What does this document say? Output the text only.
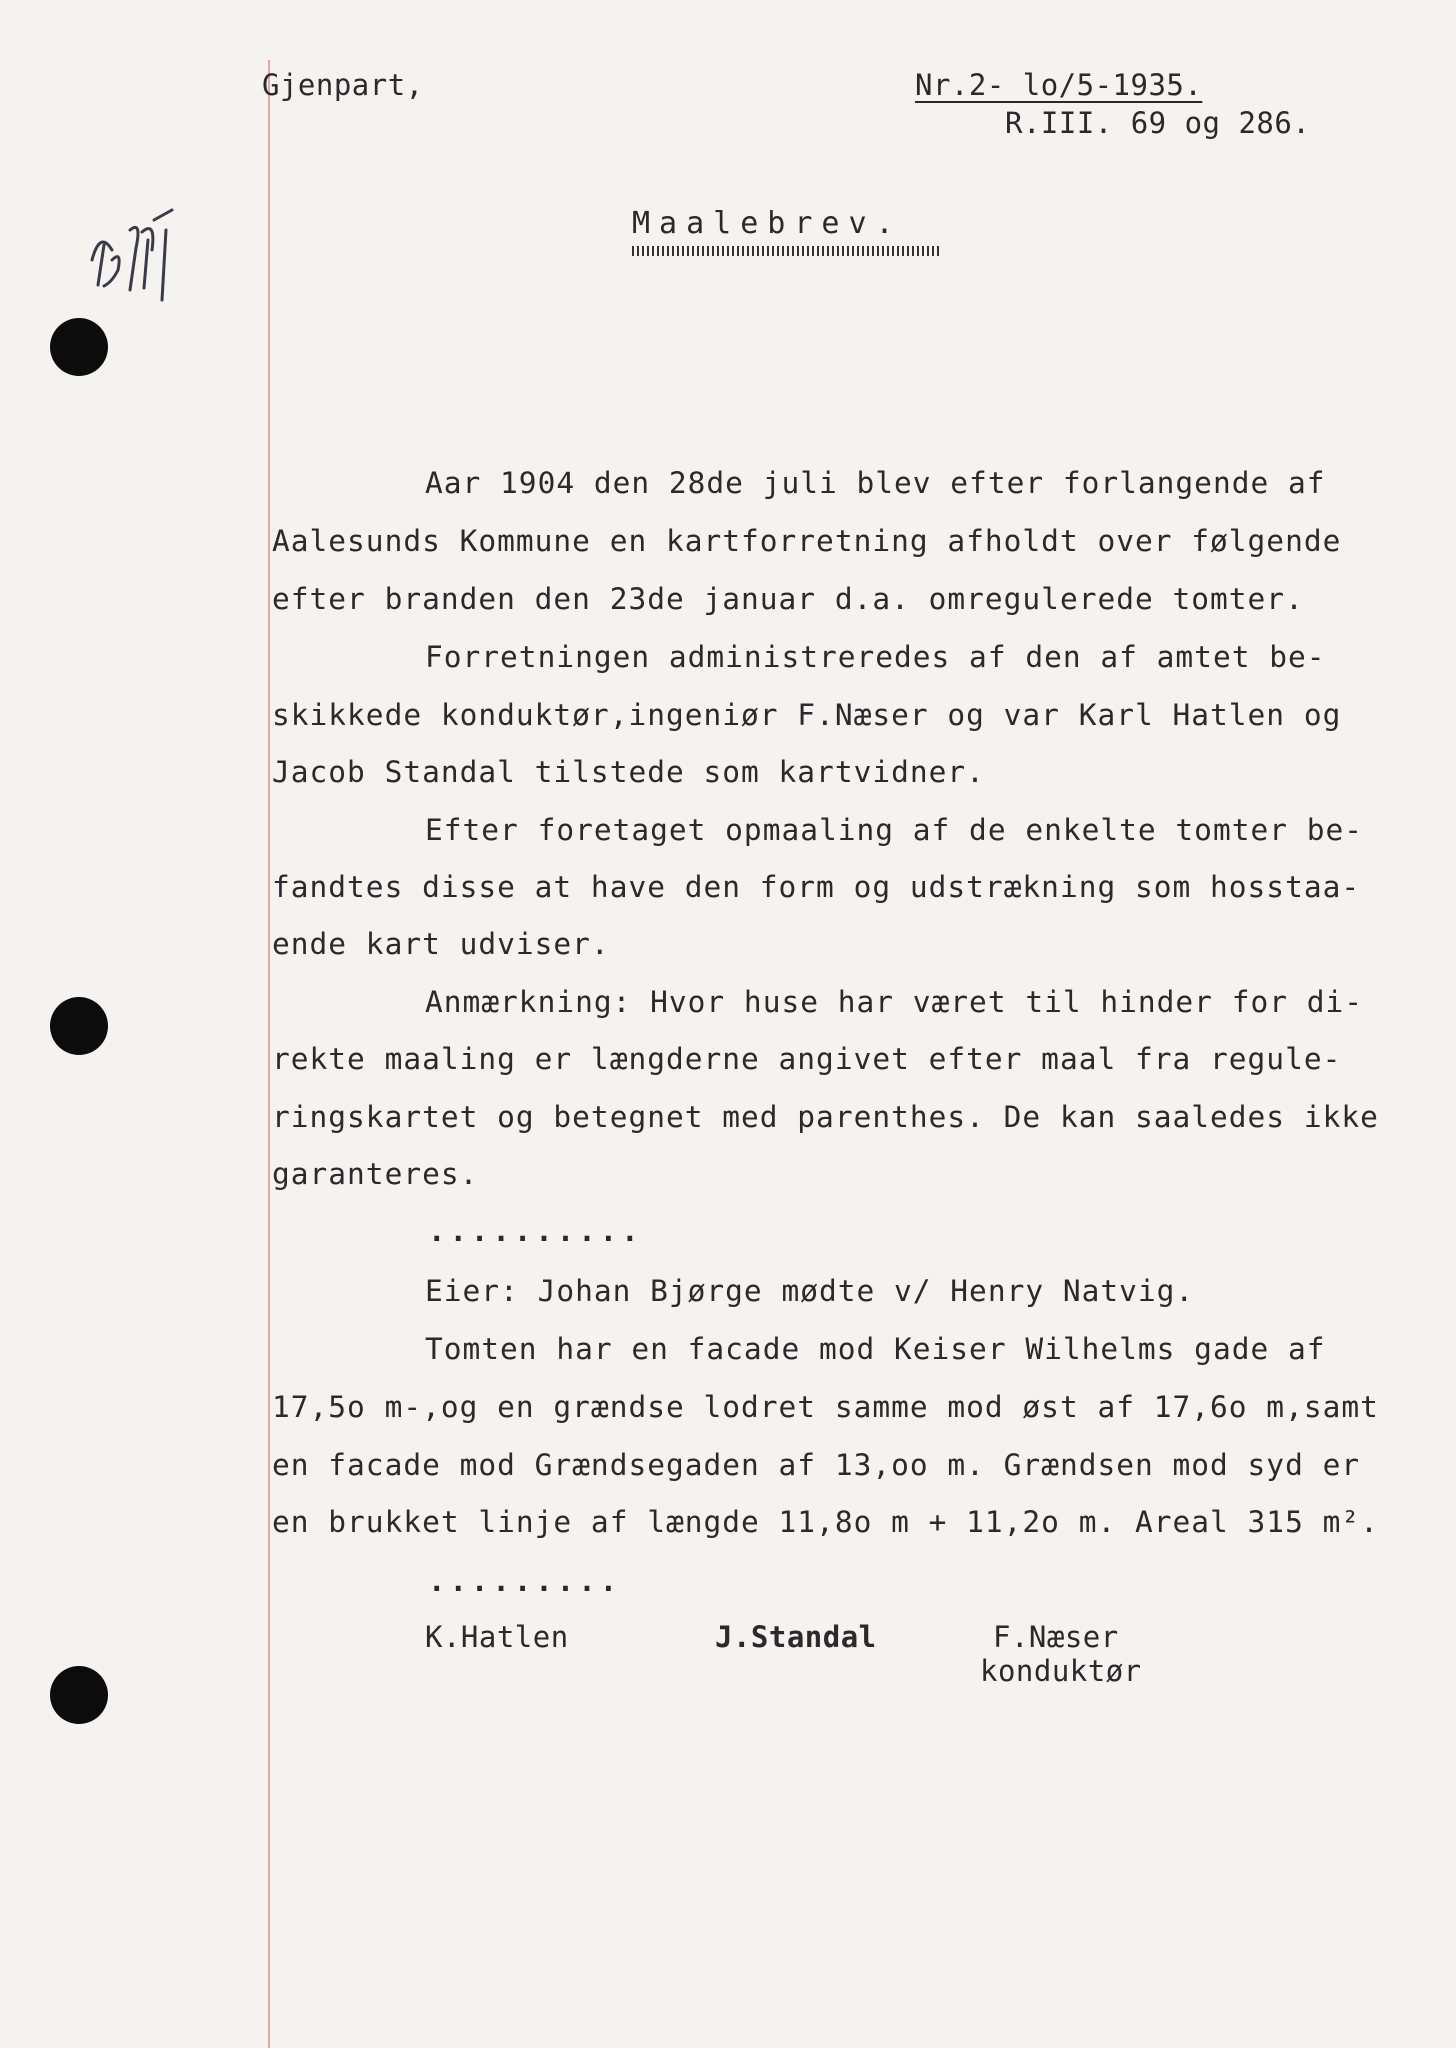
Gjenpart,	Nr.2- lo/5-1935.
R.III. 69 og 286.
Maalebrev.
Aar 1904 den 28de juli blev efter forlangende af
Aalesunds Kommune en kartforretning afholdt over følgende
efter branden den 23de januar d.a. omregulerede tomter.
Forretningen administreredes af den af amtet be-
skikkede konduktør,ingeniør F.Næser og var Karl Hatlen og
Jacob Standal tilstede som kartvidner.
Efter foretaget opmaaling af de enkelte tomter be-
fandtes disse at have den form og udstrækning som hosstaa-
ende kart udviser.
Anmærkning: Hvor huse har været til hinder for di-
rekte maaling er længderne angivet efter maal fra regule-
ringskartet og betegnet med parenthes. De kan saaledes ikke
garanteres.
..........
Eier: Johan Bjørge mødte v/ Henry Natvig.
Tomten har en facade mod Keiser Wilhelms gade af
17,5o m-,og en grændse lodret samme mod øst af 17,6o m,samt
en facade mod Grændsegaden af 13,oo m. Grændsen mod syd er
en brukket linje af længde 11,8o m + 11,2o m. Areal 315 m².
.........
K.Hatlen	J.Standal	F.Næser
konduktør
